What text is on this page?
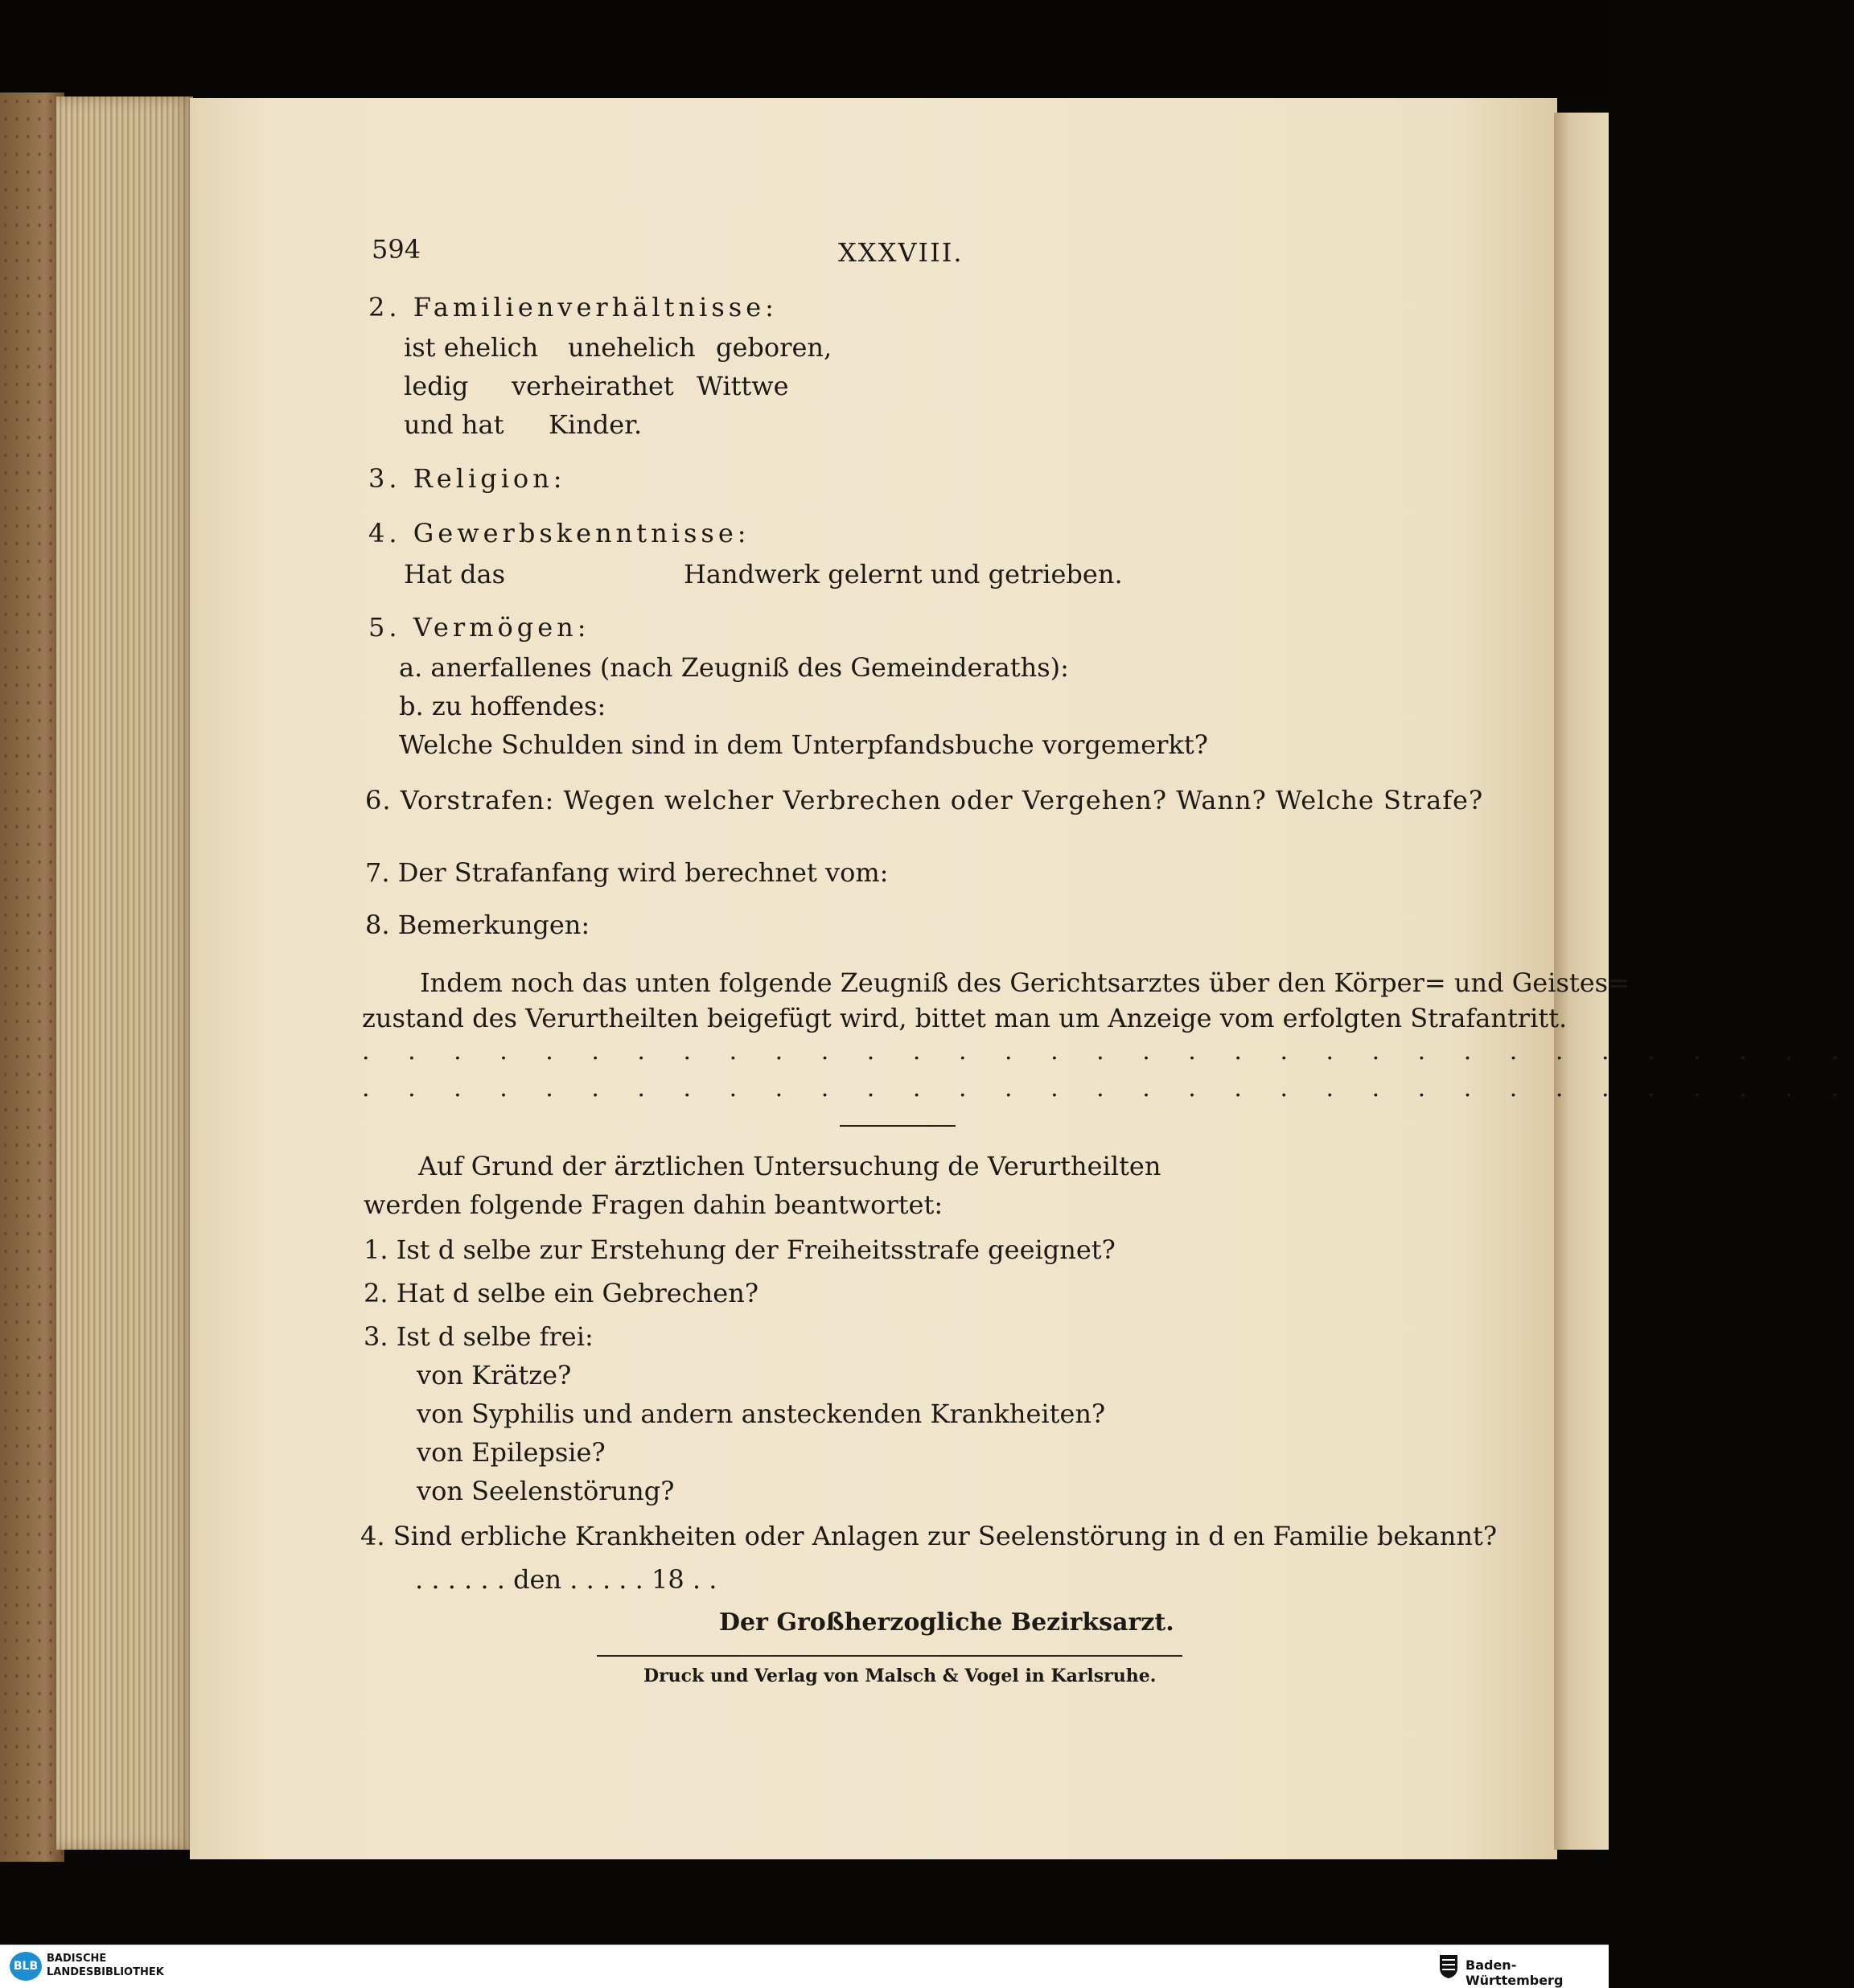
594	XXXVIII.
2. Familienverhältnisse:
ist ehelich unehelich geboren,
ledig verheirathet Wittwe
und hat Kinder.
3. Religion:
4. Gewerbskenntnisse:
Hat das	Handwerk gelernt und getrieben.
5. Vermögen:
a. anerfallenes (nach Zeugniß des Gemeinderaths):
b. zu hoffendes:
Welche Schulden sind in dem Unterpfandsbuche vorgemerkt?
6. Vorstrafen: Wegen welcher Verbrechen oder Vergehen? Wann? Welche Strafe?
7. Der Strafanfang wird berechnet vom:
8. Bemerkungen:
Indem noch das unten folgende Zeugniß des Gerichtsarztes über den Körper= und Geistes=
zustand des Verurtheilten beigefügt wird, bittet man um Anzeige vom erfolgten Strafantritt.
. . . . . . . . . . . . . . . . . . . . . . . . . . . . . . . . .
. . . . . . . . . . . . . . . . . . . . . . . . . . . . . . . . .
Auf Grund der ärztlichen Untersuchung de Verurtheilten
werden folgende Fragen dahin beantwortet:
1. Ist d selbe zur Erstehung der Freiheitsstrafe geeignet?
2. Hat d selbe ein Gebrechen?
3. Ist d selbe frei:
von Krätze?
von Syphilis und andern ansteckenden Krankheiten?
von Epilepsie?
von Seelenstörung?
4. Sind erbliche Krankheiten oder Anlagen zur Seelenstörung in d en Familie bekannt?
. . . . . . den . . . . . 18 . .
Der Großherzogliche Bezirksarzt.
Druck und Verlag von Malsch & Vogel in Karlsruhe.
BLB
BADISCHE
LANDESBIBLIOTHEK	Baden-Württemberg
